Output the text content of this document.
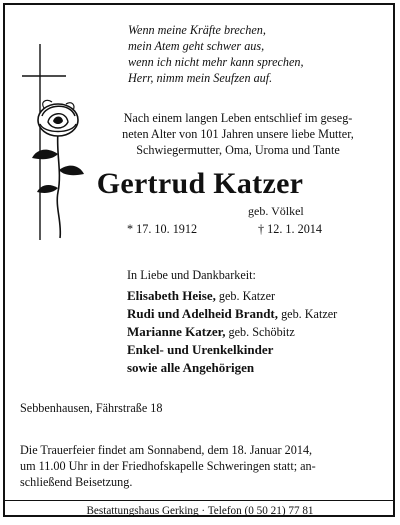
Wenn meine Kräfte brechen,
mein Atem geht schwer aus,
wenn ich nicht mehr kann sprechen,
Herr, nimm mein Seufzen auf.
Nach einem langen Leben entschlief im geseg-
neten Alter von 101 Jahren unsere liebe Mutter,
Schwiegermutter, Oma, Uroma und Tante
Gertrud Katzer
geb. Völkel
* 17. 10. 1912	† 12. 1. 2014
In Liebe und Dankbarkeit:
Elisabeth Heise, geb. Katzer
Rudi und Adelheid Brandt, geb. Katzer
Marianne Katzer, geb. Schöbitz
Enkel- und Urenkelkinder
sowie alle Angehörigen
Sebbenhausen, Fährstraße 18
Die Trauerfeier findet am Sonnabend, dem 18. Januar 2014,
um 11.00 Uhr in der Friedhofskapelle Schweringen statt; an-
schließend Beisetzung.
Bestattungshaus Gerking · Telefon (0 50 21) 77 81
